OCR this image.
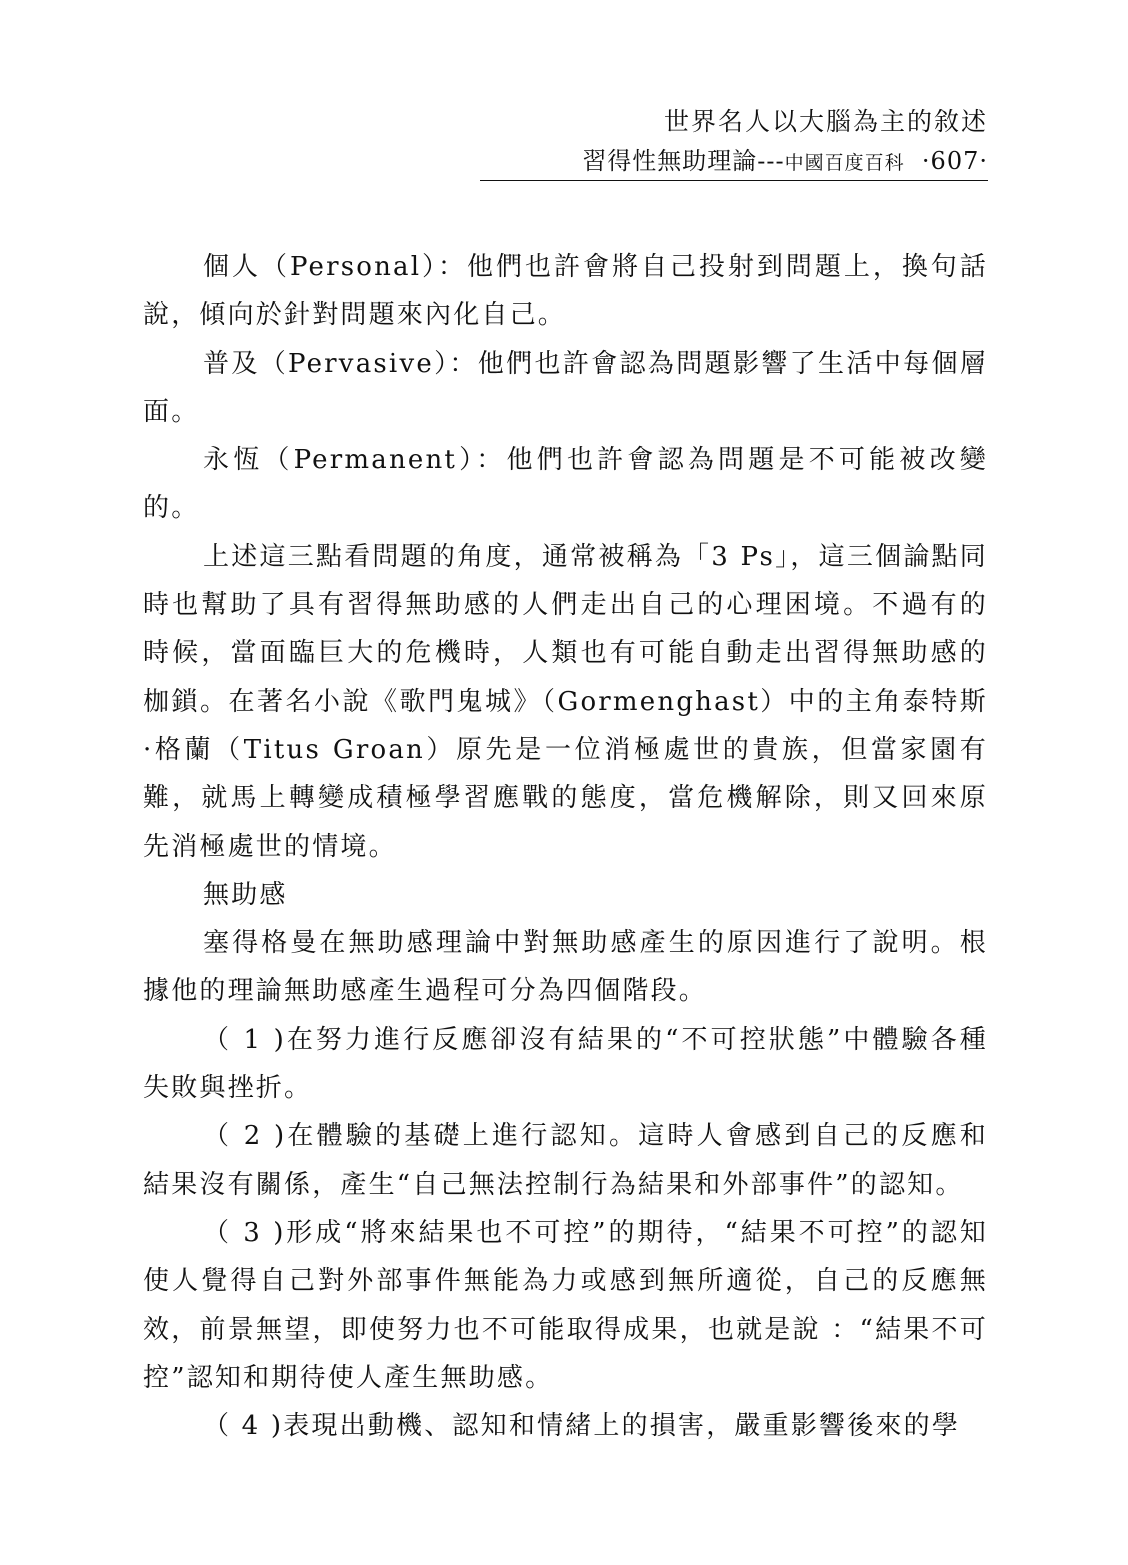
世界名人以大腦為主的敘述
習得性無助理論---中國百度百科 ·607·

個人（Personal）：他們也許會將自己投射到問題上，換句話說，傾向於針對問題來內化自己。

普及（Pervasive）：他們也許會認為問題影響了生活中每個層面。

永恆（Permanent）：他們也許會認為問題是不可能被改變的。

上述這三點看問題的角度，通常被稱為「3 Ps」，這三個論點同時也幫助了具有習得無助感的人們走出自己的心理困境。不過有的時候，當面臨巨大的危機時，人類也有可能自動走出習得無助感的枷鎖。在著名小說《歌門鬼城》（Gormenghast）中的主角泰特斯·格蘭（Titus Groan）原先是一位消極處世的貴族，但當家園有難，就馬上轉變成積極學習應戰的態度，當危機解除，則又回來原先消極處世的情境。

無助感

塞得格曼在無助感理論中對無助感產生的原因進行了說明。根據他的理論無助感產生過程可分為四個階段。

（ 1 )在努力進行反應卻沒有結果的“不可控狀態”中體驗各種失敗與挫折。

（ 2 )在體驗的基礎上進行認知。這時人會感到自己的反應和結果沒有關係，產生“自己無法控制行為結果和外部事件”的認知。

（ 3 )形成“將來結果也不可控”的期待，“結果不可控”的認知使人覺得自己對外部事件無能為力或感到無所適從，自己的反應無效，前景無望，即使努力也不可能取得成果，也就是說 ：“結果不可控”認知和期待使人產生無助感。

（ 4 )表現出動機、認知和情緒上的損害，嚴重影響後來的學
